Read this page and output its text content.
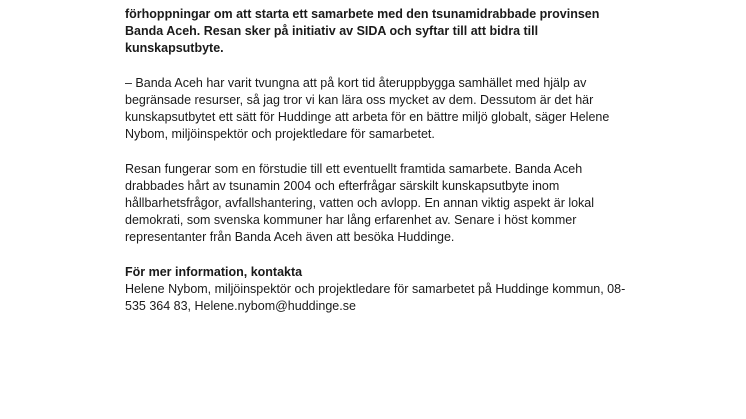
förhoppningar om att starta ett samarbete med den tsunamidrabbade provinsen Banda Aceh. Resan sker på initiativ av SIDA och syftar till att bidra till kunskapsutbyte.

– Banda Aceh har varit tvungna att på kort tid återuppbygga samhället med hjälp av begränsade resurser, så jag tror vi kan lära oss mycket av dem. Dessutom är det här kunskapsutbytet ett sätt för Huddinge att arbeta för en bättre miljö globalt, säger Helene Nybom, miljöinspektör och projektledare för samarbetet.

Resan fungerar som en förstudie till ett eventuellt framtida samarbete. Banda Aceh drabbades hårt av tsunamin 2004 och efterfrågar särskilt kunskapsutbyte inom hållbarhetsfrågor, avfallshantering, vatten och avlopp. En annan viktig aspekt är lokal demokrati, som svenska kommuner har lång erfarenhet av. Senare i höst kommer representanter från Banda Aceh även att besöka Huddinge.

För mer information, kontakta

Helene Nybom, miljöinspektör och projektledare för samarbetet på Huddinge kommun, 08-535 364 83, Helene.nybom@huddinge.se
